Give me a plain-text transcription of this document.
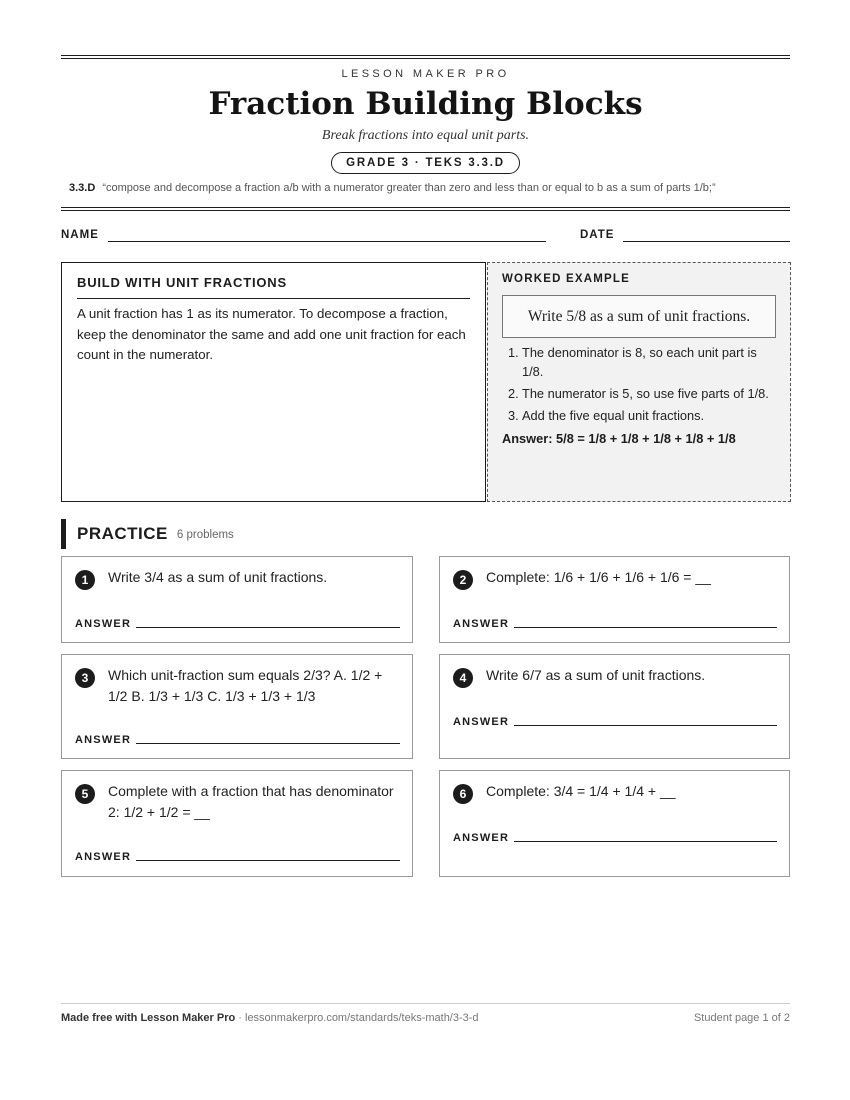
LESSON MAKER PRO
Fraction Building Blocks
Break fractions into equal unit parts.
GRADE 3 · TEKS 3.3.D
3.3.D “compose and decompose a fraction a/b with a numerator greater than zero and less than or equal to b as a sum of parts 1/b;”
NAME	DATE
BUILD WITH UNIT FRACTIONS
A unit fraction has 1 as its numerator. To decompose a fraction, keep the denominator the same and add one unit fraction for each count in the numerator.
WORKED EXAMPLE
Write 5/8 as a sum of unit fractions.
1. The denominator is 8, so each unit part is 1/8.
2. The numerator is 5, so use five parts of 1/8.
3. Add the five equal unit fractions.
Answer: 5/8 = 1/8 + 1/8 + 1/8 + 1/8 + 1/8
PRACTICE 6 problems
1	Write 3/4 as a sum of unit fractions.
ANSWER
2	Complete: 1/6 + 1/6 + 1/6 + 1/6 = __
ANSWER
3	Which unit-fraction sum equals 2/3? A. 1/2 + 1/2 B. 1/3 + 1/3 C. 1/3 + 1/3 + 1/3
ANSWER
4	Write 6/7 as a sum of unit fractions.
ANSWER
5	Complete with a fraction that has denominator 2: 1/2 + 1/2 = __
ANSWER
6	Complete: 3/4 = 1/4 + 1/4 + __
ANSWER
Made free with Lesson Maker Pro · lessonmakerpro.com/standards/teks-math/3-3-d	Student page 1 of 2
